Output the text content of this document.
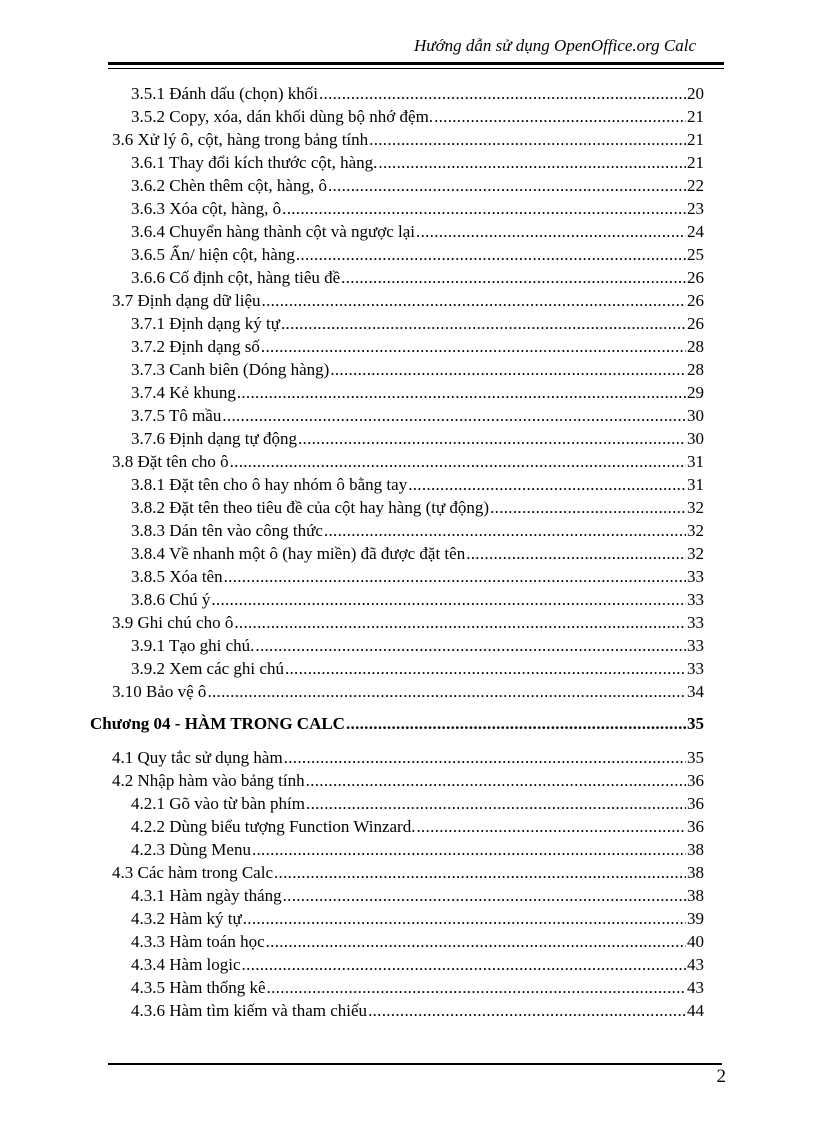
Hướng dẫn sử dụng OpenOffice.org Calc
3.5.1 Đánh dấu (chọn) khối .....	20
3.5.2 Copy, xóa, dán khối dùng bộ nhớ đệm. .....	21
3.6 Xử lý ô, cột, hàng trong bảng tính .....	21
3.6.1 Thay đổi kích thước cột, hàng. .....	21
3.6.2 Chèn thêm cột, hàng, ô .....	22
3.6.3 Xóa cột, hàng, ô .....	23
3.6.4 Chuyển hàng thành cột và ngược lại .....	24
3.6.5 Ẩn/ hiện cột, hàng .....	25
3.6.6 Cố định cột, hàng tiêu đề .....	26
3.7 Định dạng dữ liệu .....	26
3.7.1 Định dạng ký tự .....	26
3.7.2 Định dạng số .....	28
3.7.3 Canh biên (Dóng hàng) .....	28
3.7.4 Kẻ khung .....	29
3.7.5 Tô mầu .....	30
3.7.6 Định dạng tự động .....	30
3.8 Đặt tên cho ô .....	31
3.8.1 Đặt tên cho ô hay nhóm ô bằng tay .....	31
3.8.2 Đặt tên theo tiêu đề của cột hay hàng (tự động) .....	32
3.8.3 Dán tên vào công thức .....	32
3.8.4 Về nhanh một ô (hay miền) đã được đặt tên .....	32
3.8.5 Xóa tên .....	33
3.8.6 Chú ý .....	33
3.9 Ghi chú cho ô .....	33
3.9.1 Tạo ghi chú. .....	33
3.9.2 Xem các ghi chú .....	33
3.10 Bảo vệ ô .....	34
Chương 04 - HÀM TRONG CALC .....	35
4.1 Quy tắc sử dụng hàm .....	35
4.2 Nhập hàm vào bảng tính .....	36
4.2.1 Gõ vào từ bàn phím .....	36
4.2.2 Dùng biểu tượng Function Winzard. .....	36
4.2.3 Dùng Menu .....	38
4.3 Các hàm trong Calc .....	38
4.3.1 Hàm ngày tháng .....	38
4.3.2 Hàm ký tự .....	39
4.3.3 Hàm toán học .....	40
4.3.4 Hàm logic .....	43
4.3.5 Hàm thống kê .....	43
4.3.6 Hàm tìm kiếm và tham chiếu .....	44
2
